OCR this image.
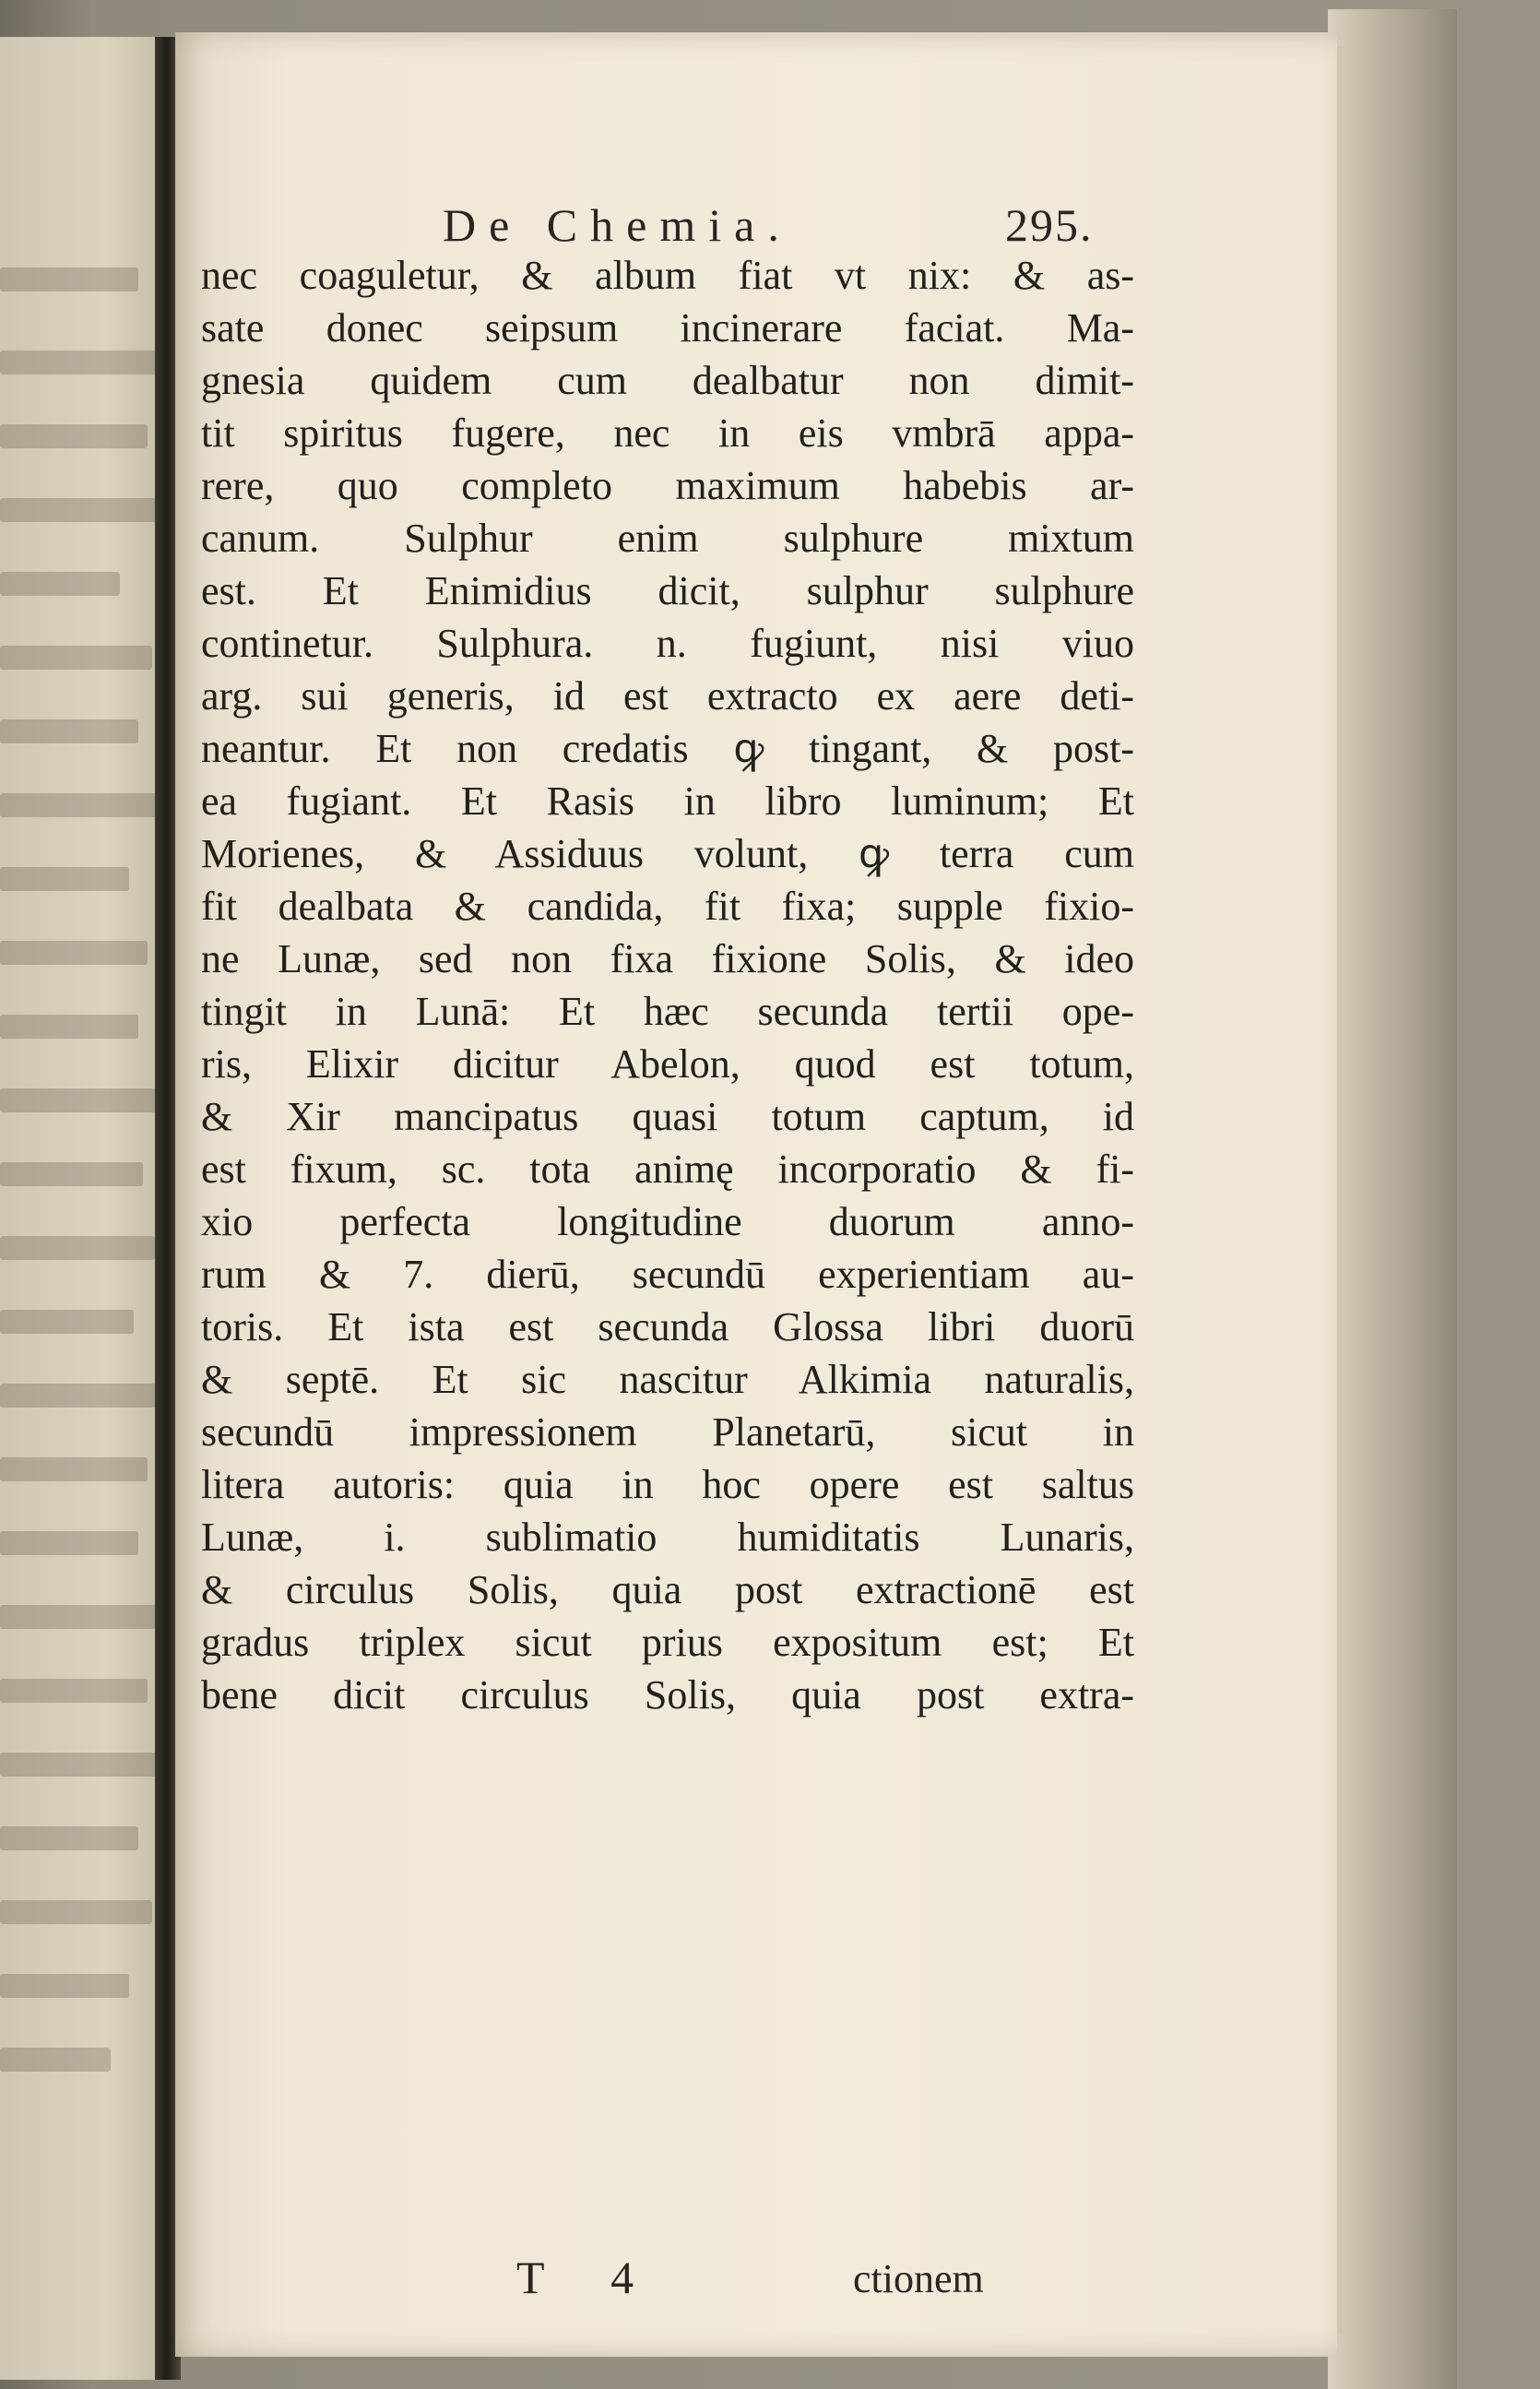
De Chemia.	295.
nec coaguletur, & album fiat vt nix: & as-
sate donec seipsum incinerare faciat. Ma-
gnesia quidem cum dealbatur non dimit-
tit spiritus fugere, nec in eis vmbrā appa-
rere, quo completo maximum habebis ar-
canum. Sulphur enim sulphure mixtum
est. Et Enimidius dicit, sulphur sulphure
continetur. Sulphura. n. fugiunt, nisi viuo
arg. sui generis, id est extracto ex aere deti-
neantur. Et non credatis ꝙ tingant, & post-
ea fugiant. Et Rasis in libro luminum; Et
Morienes, & Assiduus volunt, ꝙ terra cum
fit dealbata & candida, fit fixa; supple fixio-
ne Lunæ, sed non fixa fixione Solis, & ideo
tingit in Lunā: Et hæc secunda tertii ope-
ris, Elixir dicitur Abelon, quod est totum,
& Xir mancipatus quasi totum captum, id
est fixum, sc. tota animę incorporatio & fi-
xio perfecta longitudine duorum anno-
rum & 7. dierū, secundū experientiam au-
toris. Et ista est secunda Glossa libri duorū
& septē. Et sic nascitur Alkimia naturalis,
secundū impressionem Planetarū, sicut in
litera autoris: quia in hoc opere est saltus
Lunæ, i. sublimatio humiditatis Lunaris,
& circulus Solis, quia post extractionē est
gradus triplex sicut prius expositum est; Et
bene dicit circulus Solis, quia post extra-
T 4	ctionem
